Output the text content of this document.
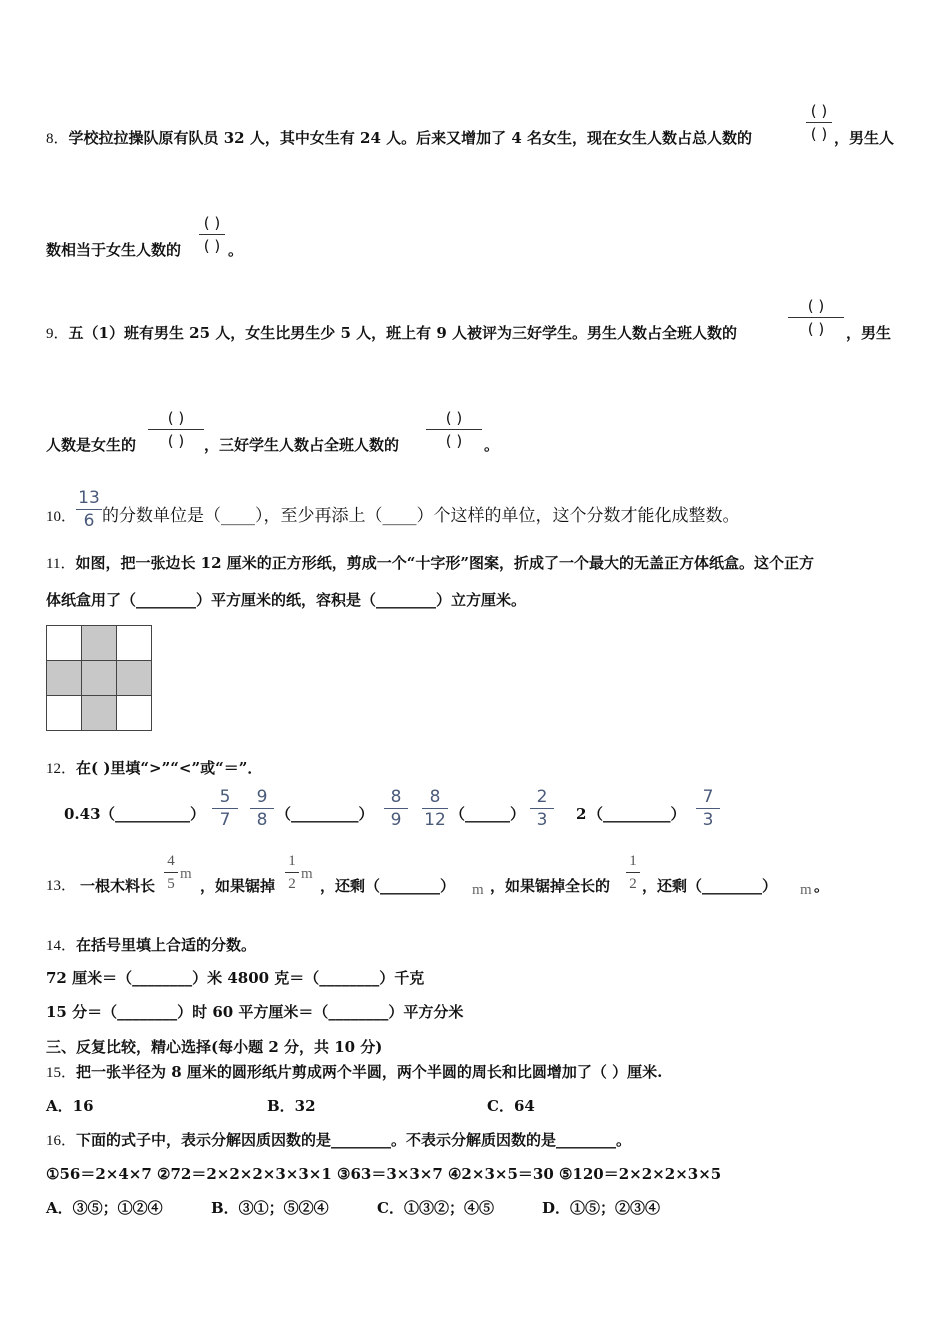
8．学校拉拉操队原有队员 32 人，其中女生有 24 人。后来又增加了 4 名女生，现在女生人数占总人数的
( )
( ) ，男生人
数相当于女生人数的
( )
( ) 。
9．五（1）班有男生 25 人，女生比男生少 5 人，班上有 9 人被评为三好学生。男生人数占全班人数的
( )
( )	，男生
人数是女生的
( )
( )	，三好学生人数占全班人数的
( )
( )	。
10．
13
6 的分数单位是（____），至少再添上（____）个这样的单位，这个分数才能化成整数。
11．如图，把一张边长 12 厘米的正方形纸，剪成一个“十字形”图案，折成了一个最大的无盖正方体纸盒。这个正方
体纸盒用了（________）平方厘米的纸，容积是（________）立方厘米。

12．在( )里填“>”“<”或“＝”．
0.43 （__________）
5
7
9
8 （_________）
8
9
8
12 （______）
2
3	2 （_________）
7
3
13． 一根木料长
4
5
m
，如果锯掉
1
2
m
，还剩（________） m ，如果锯掉全长的
1
2 ，还剩（________） m 。
14．在括号里填上合适的分数。
72 厘米＝（________）米 4800 克＝（________）千克
15 分＝（________）时 60 平方厘米＝（________）平方分米
三、反复比较，精心选择(每小题 2 分，共 10 分)
15．把一张半径为 8 厘米的圆形纸片剪成两个半圆，两个半圆的周长和比圆增加了（ ）厘米.
A．16	B．32	C．64
16．下面的式子中，表示分解因质因数的是________。不表示分解质因数的是________。
①56＝2×4×7 ②72＝2×2×2×3×3×1 ③63＝3×3×7 ④2×3×5＝30 ⑤120＝2×2×2×3×5
A．③⑤；①②④	B．③①；⑤②④	C．①③②；④⑤	D．①⑤；②③④
